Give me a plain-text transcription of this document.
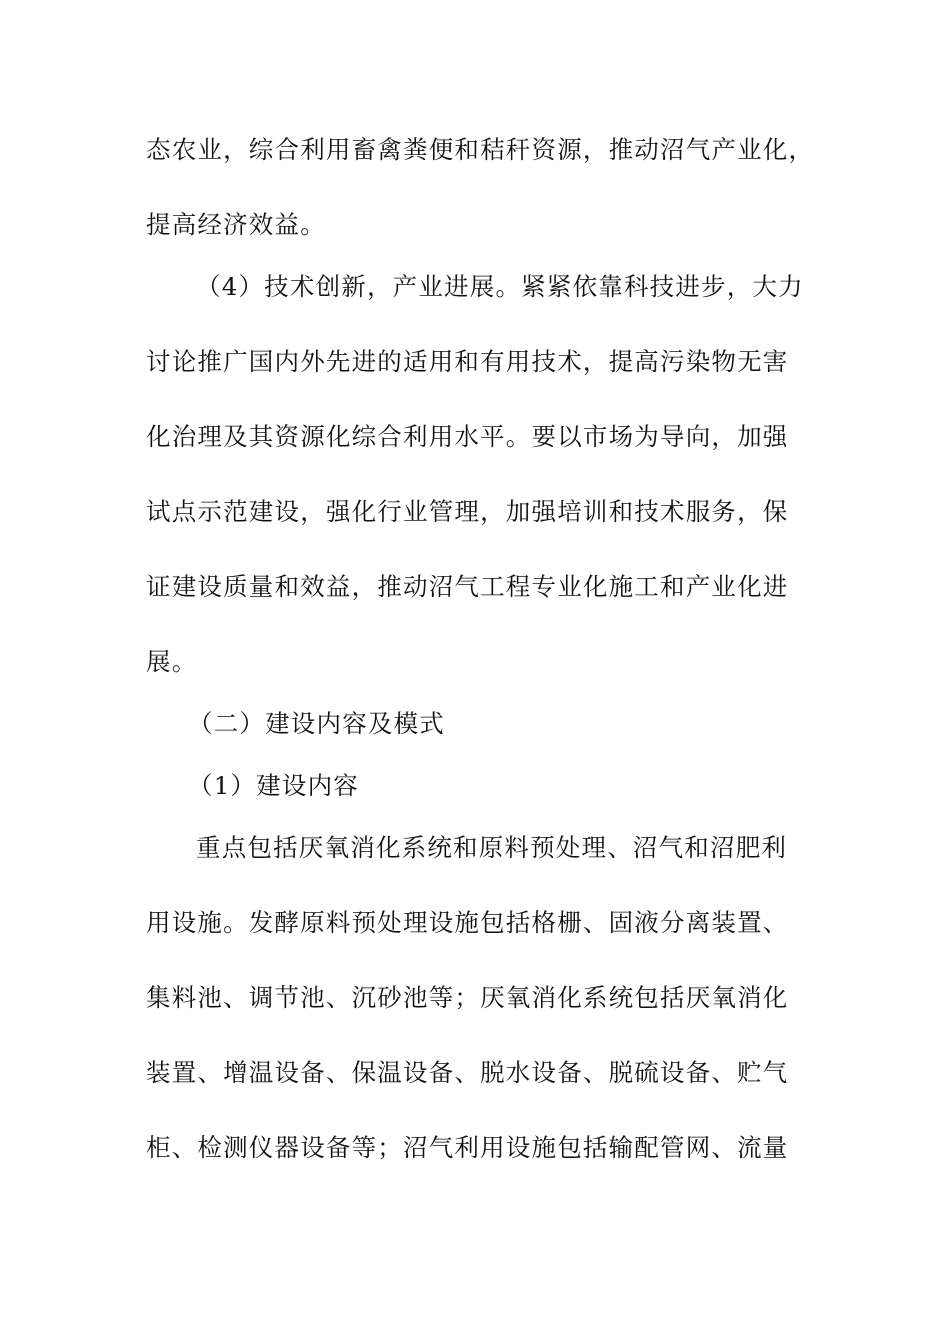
态农业，综合利用畜禽粪便和秸秆资源，推动沼气产业化，
提高经济效益。
（4）技术创新，产业进展。紧紧依靠科技进步，大力
讨论推广国内外先进的适用和有用技术，提高污染物无害
化治理及其资源化综合利用水平。要以市场为导向，加强
试点示范建设，强化行业管理，加强培训和技术服务，保
证建设质量和效益，推动沼气工程专业化施工和产业化进
展。
（二）建设内容及模式
（1）建设内容
重点包括厌氧消化系统和原料预处理、沼气和沼肥利
用设施。发酵原料预处理设施包括格栅、固液分离装置、
集料池、调节池、沉砂池等；厌氧消化系统包括厌氧消化
装置、增温设备、保温设备、脱水设备、脱硫设备、贮气
柜、检测仪器设备等；沼气利用设施包括输配管网、流量
